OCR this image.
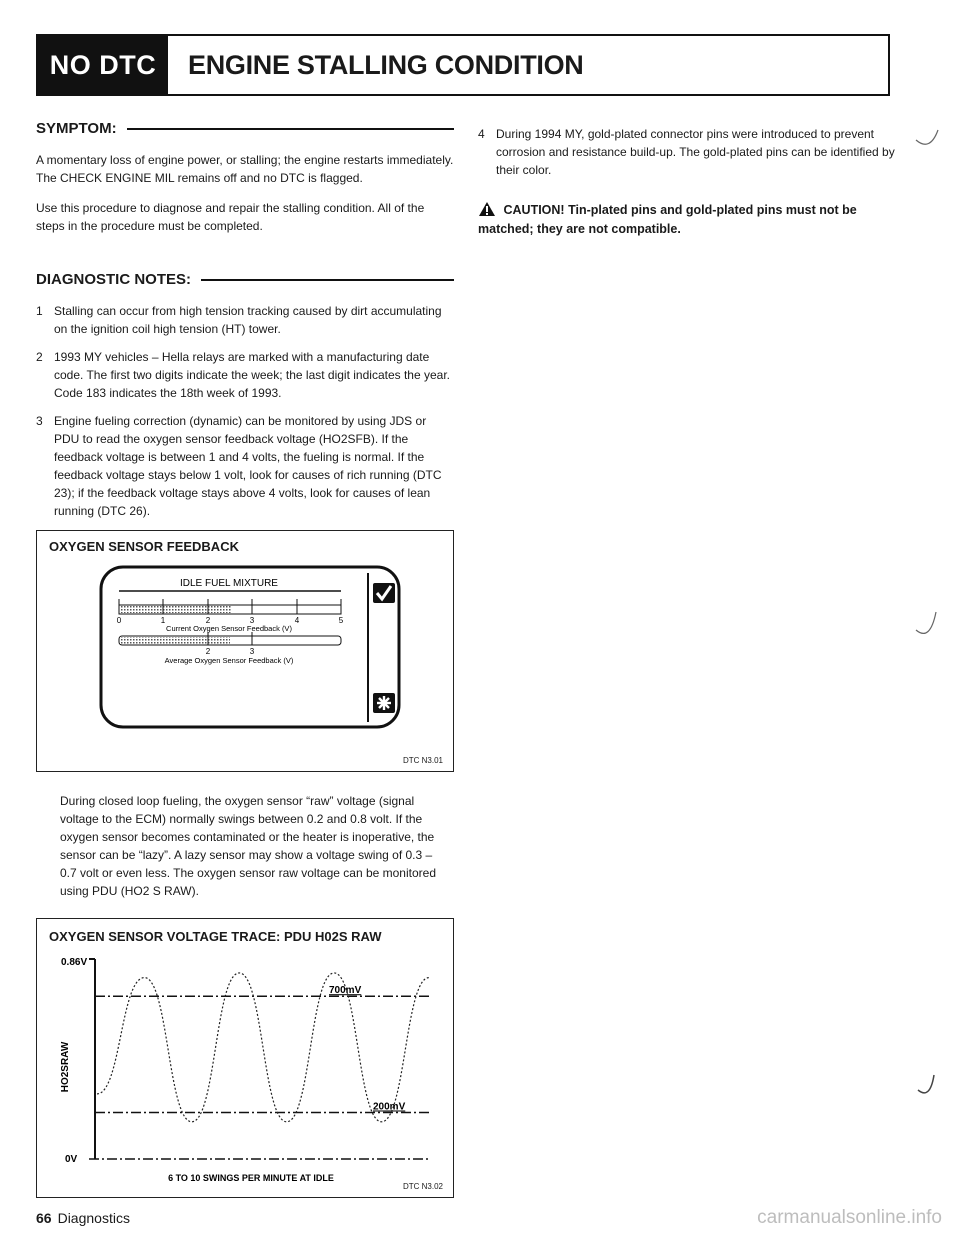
NO DTC	ENGINE STALLING CONDITION
SYMPTOM:

A momentary loss of engine power, or stalling; the engine restarts immediately. The CHECK ENGINE MIL remains off and no DTC is flagged.

Use this procedure to diagnose and repair the stalling condition. All of the steps in the procedure must be completed.

DIAGNOSTIC NOTES:
1 Stalling can occur from high tension tracking caused by dirt accumulating on the ignition coil high tension (HT) tower.
2 1993 MY vehicles – Hella relays are marked with a manufacturing date code. The first two digits indicate the week; the last digit indicates the year. Code 183 indicates the 18th week of 1993.
3 Engine fueling correction (dynamic) can be monitored by using JDS or PDU to read the oxygen sensor feedback voltage (HO2SFB). If the feedback voltage is between 1 and 4 volts, the fueling is normal. If the feedback voltage stays below 1 volt, look for causes of rich running (DTC 23); if the feedback voltage stays above 4 volts, look for causes of lean running (DTC 26).
OXYGEN SENSOR FEEDBACK
IDLE FUEL MIXTURE
0	1	2	3	4	5
Current Oxygen Sensor Feedback (V)
2	3
Average Oxygen Sensor Feedback (V)
DTC N3.01

During closed loop fueling, the oxygen sensor “raw” voltage (signal voltage to the ECM) normally swings between 0.2 and 0.8 volt. If the oxygen sensor becomes contaminated or the heater is inoperative, the sensor can be “lazy”. A lazy sensor may show a voltage swing of 0.3 – 0.7 volt or even less. The oxygen sensor raw voltage can be monitored using PDU (HO2 S RAW).

OXYGEN SENSOR VOLTAGE TRACE: PDU H02S RAW
0.86V
0V
HO2SRAW
700mV
200mV
6 TO 10 SWINGS PER MINUTE AT IDLE
DTC N3.02
4 During 1994 MY, gold-plated connector pins were introduced to prevent corrosion and resistance build-up. The gold-plated pins can be identified by their color.
CAUTION! Tin-plated pins and gold-plated pins must not be matched; they are not compatible.
66 Diagnostics	carmanualsonline.info
